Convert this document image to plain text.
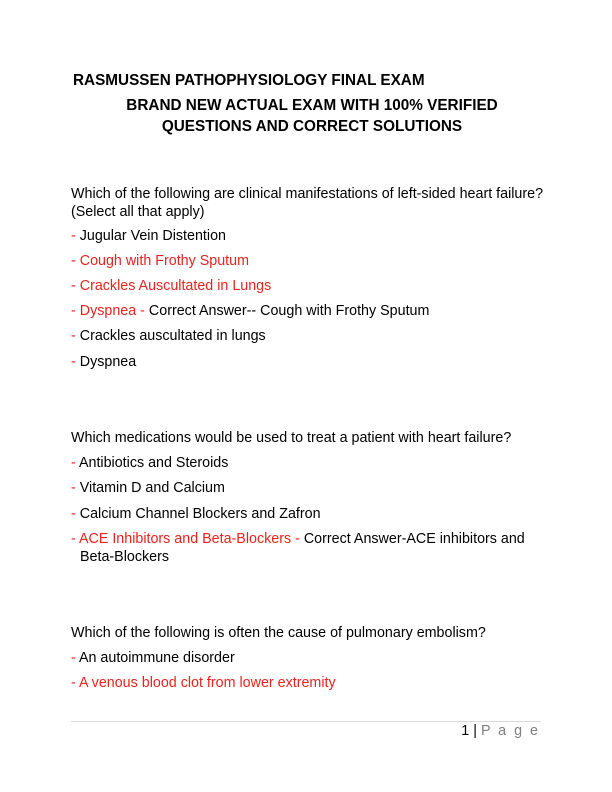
RASMUSSEN PATHOPHYSIOLOGY FINAL EXAM
BRAND NEW ACTUAL EXAM WITH 100% VERIFIED
QUESTIONS AND CORRECT SOLUTIONS
Which of the following are clinical manifestations of left-sided heart failure?
(Select all that apply)
- Jugular Vein Distention
- Cough with Frothy Sputum
- Crackles Auscultated in Lungs
- Dyspnea - Correct Answer-- Cough with Frothy Sputum
- Crackles auscultated in lungs
- Dyspnea
Which medications would be used to treat a patient with heart failure?
- Antibiotics and Steroids
- Vitamin D and Calcium
- Calcium Channel Blockers and Zafron
- ACE Inhibitors and Beta-Blockers - Correct Answer-ACE inhibitors and
Beta-Blockers
Which of the following is often the cause of pulmonary embolism?
- An autoimmune disorder
- A venous blood clot from lower extremity
1 | P a g e
